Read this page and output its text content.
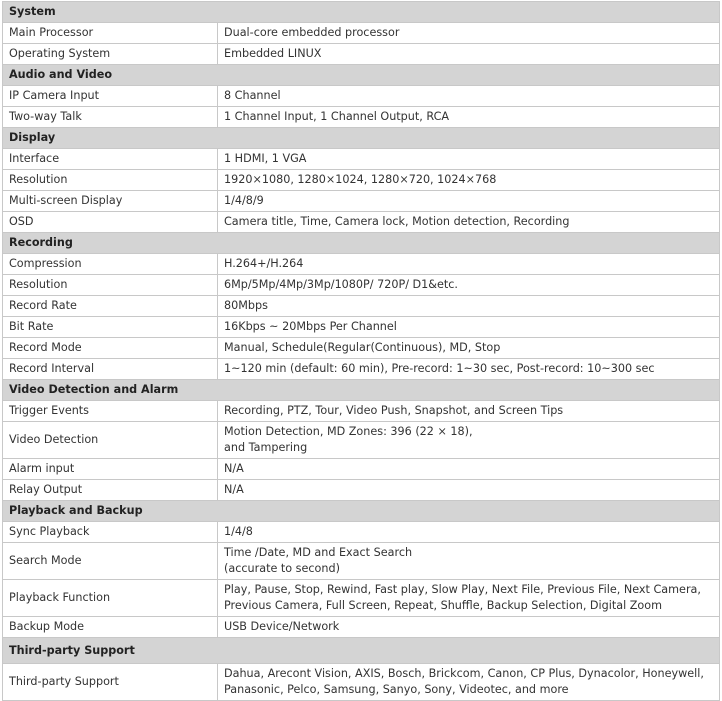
System	
Main Processor	Dual-core embedded processor
Operating System	Embedded LINUX
Audio and Video	
IP Camera Input	8 Channel
Two-way Talk	1 Channel Input, 1 Channel Output, RCA
Display	
Interface	1 HDMI, 1 VGA
Resolution	1920×1080, 1280×1024, 1280×720, 1024×768
Multi-screen Display	1/4/8/9
OSD	Camera title, Time, Camera lock, Motion detection, Recording
Recording	
Compression	H.264+/H.264
Resolution	6Mp/5Mp/4Mp/3Mp/1080P/ 720P/ D1&etc.
Record Rate	80Mbps
Bit Rate	16Kbps ~ 20Mbps Per Channel
Record Mode	Manual, Schedule(Regular(Continuous), MD, Stop
Record Interval	1~120 min (default: 60 min), Pre-record: 1~30 sec, Post-record: 10~300 sec
Video Detection and Alarm	
Trigger Events	Recording, PTZ, Tour, Video Push, Snapshot, and Screen Tips
Video Detection	Motion Detection, MD Zones: 396 (22 × 18),
and Tampering
Alarm input	N/A
Relay Output	N/A
Playback and Backup	
Sync Playback	1/4/8
Search Mode	Time /Date, MD and Exact Search
(accurate to second)
Playback Function	Play, Pause, Stop, Rewind, Fast play, Slow Play, Next File, Previous File, Next Camera,
Previous Camera, Full Screen, Repeat, Shuffle, Backup Selection, Digital Zoom
Backup Mode	USB Device/Network
Third-party Support	
Third-party Support	Dahua, Arecont Vision, AXIS, Bosch, Brickcom, Canon, CP Plus, Dynacolor, Honeywell,
Panasonic, Pelco, Samsung, Sanyo, Sony, Videotec, and more
